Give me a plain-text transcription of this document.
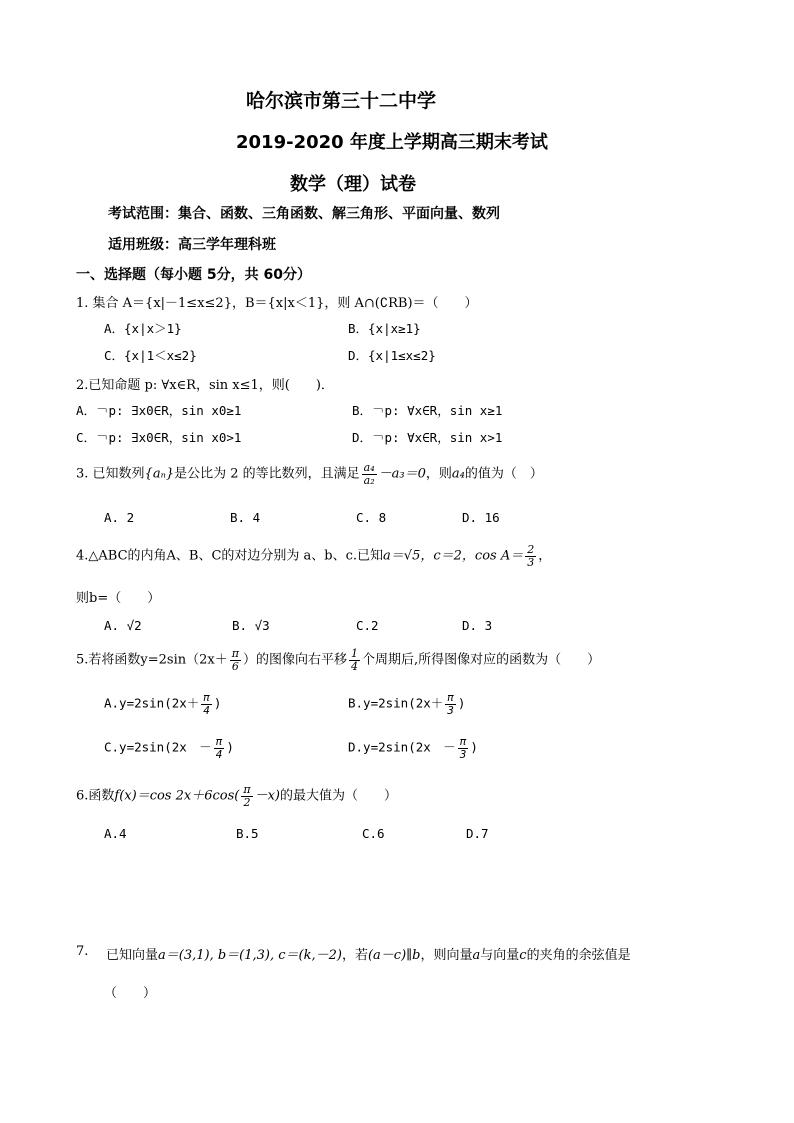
哈尔滨市第三十二中学
2019-2020 年度上学期高三期末考试
数学（理）试卷
考试范围：集合、函数、三角函数、解三角形、平面向量、数列
适用班级：高三学年理科班
一、选择题（每小题 5分，共 60分）
1. 集合 A＝{x|－1≤x≤2}，B＝{x|x＜1}，则 A∩(∁RB)＝（　　）
A．{x|x＞1}	B．{x|x≥1}
C．{x|1＜x≤2}	D．{x|1≤x≤2}
2.已知命题 p: ∀x∈R，sin x≤1，则(　　)．
A．￢p: ∃x0∈R，sin x0≥1	B．￢p: ∀x∈R，sin x≥1
C．￢p: ∃x0∈R，sin x0>1	D．￢p: ∀x∈R，sin x>1
3. 已知数列{aₙ}是公比为 2 的等比数列，且满足 $\frac{\text{a₄}}{\text{a₂}} -a_3=0$，则a₄的值为（　）
A. 2	B. 4	C. 8	D. 16
4.△ABC的内角A、B、C的对边分别为 a、b、c.已知a＝√5，c＝2，$\cos A= \frac{2}{3}$ ，
则b=（　　）
A. √2	B. √3	C.2	D. 3
5.若将函数$y=2\sin(2x+ \frac{\pi}{6}$ ）的图像向右平移 $\frac{1}{4}$ 个周期后,所得图像对应的函数为（　　）
$A.y=2\sin(2x+ \frac{\pi}{4}$ )	$B.y=2\sin(2x+ \frac{\pi}{3}$ )
C.y=2sin(2x　－ $\frac{\pi}{4}$ )	D.y=2sin(2x　－ $\frac{\pi}{3}$ )
6.函数f(x)＝cos $2x+6\cos( \frac{\pi}{2} -x)$的最大值为（　　）
A.4	B.5	C.6	D.7
7. 已知向量a＝(3,1), b＝(1,3), c＝(k,－2)，若(a－c)∥b，则向量a与向量c的夹角的余弦值是
（　　）
